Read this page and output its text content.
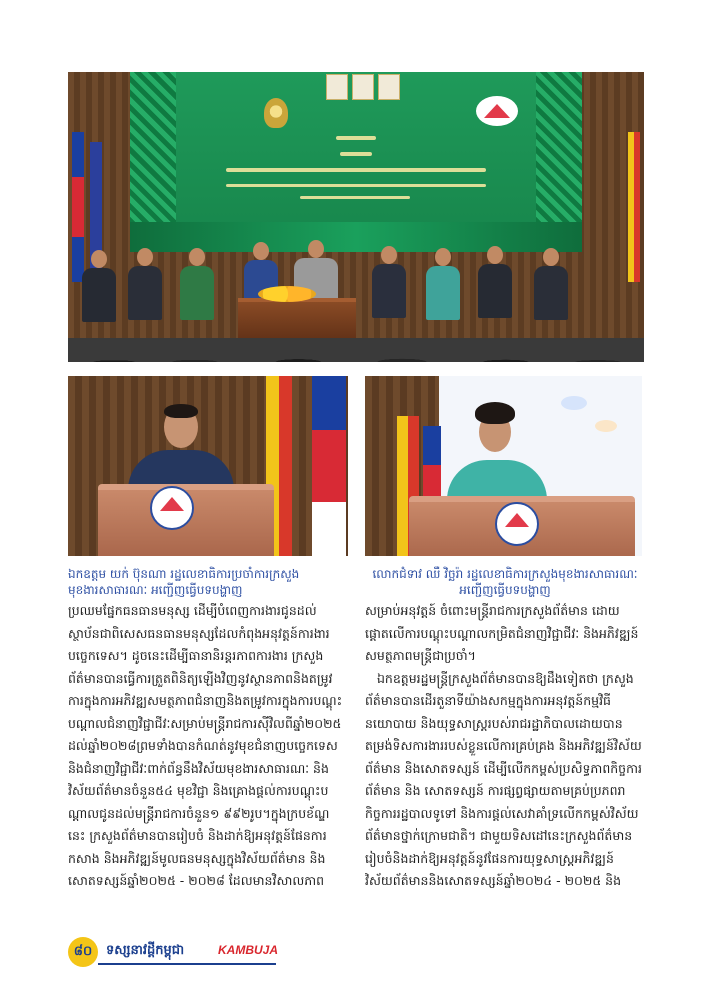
ឯកឧត្ដម យក់ ប៊ុនណា រដ្ឋលេខាធិការប្រចាំការក្រសួងមុខងារសាធារណៈ អញ្ជើញធ្វើបទបង្ហាញ

លោកជំទាវ ឈឺ វិច្ឆរ៉ា រដ្ឋលេខាធិការក្រសួងមុខងារសាធារណៈ អញ្ជើញធ្វើបទបង្ហាញ

ប្រឈមផ្នែកធនធានមនុស្ស ដើម្បីបំពេញការងារជូនដល់
ស្ថាប័នជាពិសេសធនធានមនុស្សដែលកំពុងអនុវត្តន៍ការងារ
បច្ចេកទេស។ ដូចនេះដើម្បីធានានិរន្តរភាពការងារ ក្រសួង
ព័ត៌មានបានធ្វើការត្រួតពិនិត្យឡើងវិញនូវស្ថានភាពនិងតម្រូវ
ការក្នុងការអភិវឌ្ឍសមត្ថភាពជំនាញនិងតម្រូវការក្នុងការបណ្ដុះ
បណ្ដាលជំនាញវិជ្ជាជីវៈសម្រាប់មន្ត្រីរាជការស៊ីវិលពីឆ្នាំ២០២៥
ដល់ឆ្នាំ២០២៨ព្រមទាំងបានកំណត់នូវមុខជំនាញបច្ចេកទេស
និងជំនាញវិជ្ជាជីវៈពាក់ព័ន្ធនឹងវិស័យមុខងារសាធារណៈ និង
វិស័យព័ត៌មានចំនួន៥៤ មុខវិជ្ជា និងគ្រោងផ្ដល់ការបណ្ដុះប
ណ្ដាលជូនដល់មន្ត្រីរាជការចំនួន១ ៩៩២រូប។ក្នុងក្របខ័ណ្ឌ
នេះ ក្រសួងព័ត៌មានបានរៀបចំ និងដាក់ឱ្យអនុវត្តន៍ផែនការ
កសាង និងអភិវឌ្ឍន៍មូលធនមនុស្សក្នុងវិស័យព័ត៌មាន និង
សោតទស្សន៍ឆ្នាំ២០២៥ - ២០២៨ ដែលមានវិសាលភាព
សម្រាប់អនុវត្តន៍ ចំពោះមន្ត្រីរាជការក្រសួងព័ត៌មាន ដោយ
ផ្ដោតលើការបណ្ដុះបណ្ដាលកម្រិតជំនាញវិជ្ជាជីវៈ និងអភិវឌ្ឍន៍
សមត្ថភាពមន្ត្រីជាប្រចាំ។
ឯកឧត្តមរដ្ឋមន្ត្រីក្រសួងព័ត៌មានបានឱ្យដឹងទៀតថា ក្រសួង
ព័ត៌មានបានដើរតួនាទីយ៉ាងសកម្មក្នុងការអនុវត្តន៍កម្មវិធី
នយោបាយ និងយុទ្ធសាស្ត្ររបស់រាជរដ្ឋាភិបាលដោយបាន
តម្រង់ទិសការងាររបស់ខ្លួនលើការគ្រប់គ្រង និងអភិវឌ្ឍន៍វិស័យ
ព័ត៌មាន និងសោតទស្សន៍ ដើម្បីលើកកម្ពស់ប្រសិទ្ធភាពកិច្ចការ
ព័ត៌មាន និង សោតទស្សន៍ ការផ្សព្វផ្សាយតាមគ្រប់ប្រភពរា
កិច្ចការរដ្ឋបាលទូទៅ និងការផ្ដល់សេវាគាំទ្រលើកកម្ពស់វិស័យ
ព័ត៌មានថ្នាក់ក្រោមជាតិ។ ជាមួយទិសដៅនេះក្រសួងព័ត៌មាន
រៀបចំនិងដាក់ឱ្យអនុវត្តន៍នូវផែនការយុទ្ធសាស្ត្រអភិវឌ្ឍន៍
វិស័យព័ត៌មាននិងសោតទស្សន៍ឆ្នាំ២០២៤ - ២០២៥ និង
៨០	ទស្សនាវដ្ដីកម្ពុជា	KAMBUJA
